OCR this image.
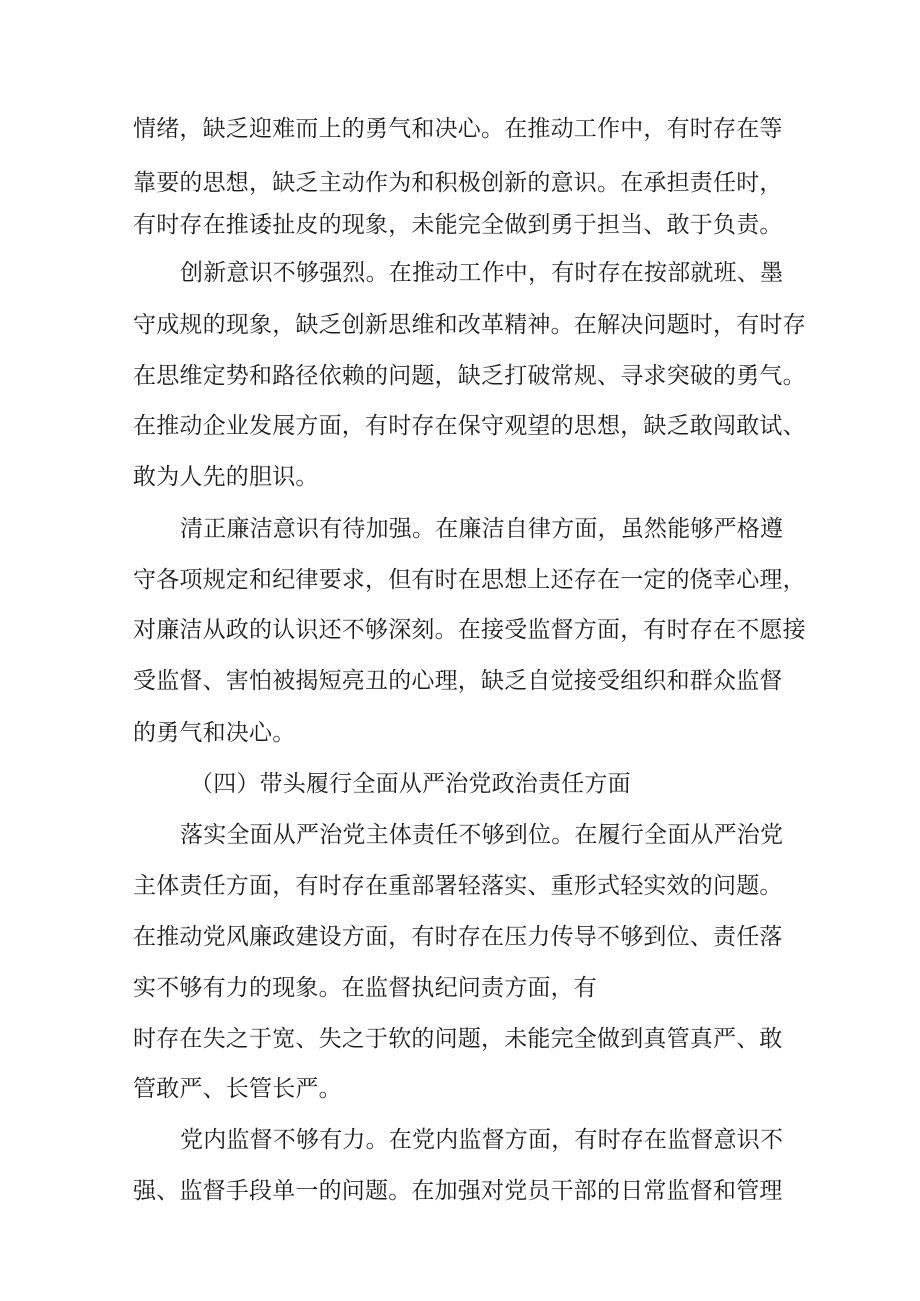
情绪，缺乏迎难而上的勇气和决心。在推动工作中，有时存在等

靠要的思想，缺乏主动作为和积极创新的意识。在承担责任时，

有时存在推诿扯皮的现象，未能完全做到勇于担当、敢于负责。

创新意识不够强烈。在推动工作中，有时存在按部就班、墨

守成规的现象，缺乏创新思维和改革精神。在解决问题时，有时存

在思维定势和路径依赖的问题，缺乏打破常规、寻求突破的勇气。

在推动企业发展方面，有时存在保守观望的思想，缺乏敢闯敢试、

敢为人先的胆识。

清正廉洁意识有待加强。在廉洁自律方面，虽然能够严格遵

守各项规定和纪律要求，但有时在思想上还存在一定的侥幸心理，

对廉洁从政的认识还不够深刻。在接受监督方面，有时存在不愿接

受监督、害怕被揭短亮丑的心理，缺乏自觉接受组织和群众监督

的勇气和决心。

（四）带头履行全面从严治党政治责任方面

落实全面从严治党主体责任不够到位。在履行全面从严治党

主体责任方面，有时存在重部署轻落实、重形式轻实效的问题。

在推动党风廉政建设方面，有时存在压力传导不够到位、责任落

实不够有力的现象。在监督执纪问责方面，有

时存在失之于宽、失之于软的问题，未能完全做到真管真严、敢

管敢严、长管长严。

党内监督不够有力。在党内监督方面，有时存在监督意识不

强、监督手段单一的问题。在加强对党员干部的日常监督和管理
